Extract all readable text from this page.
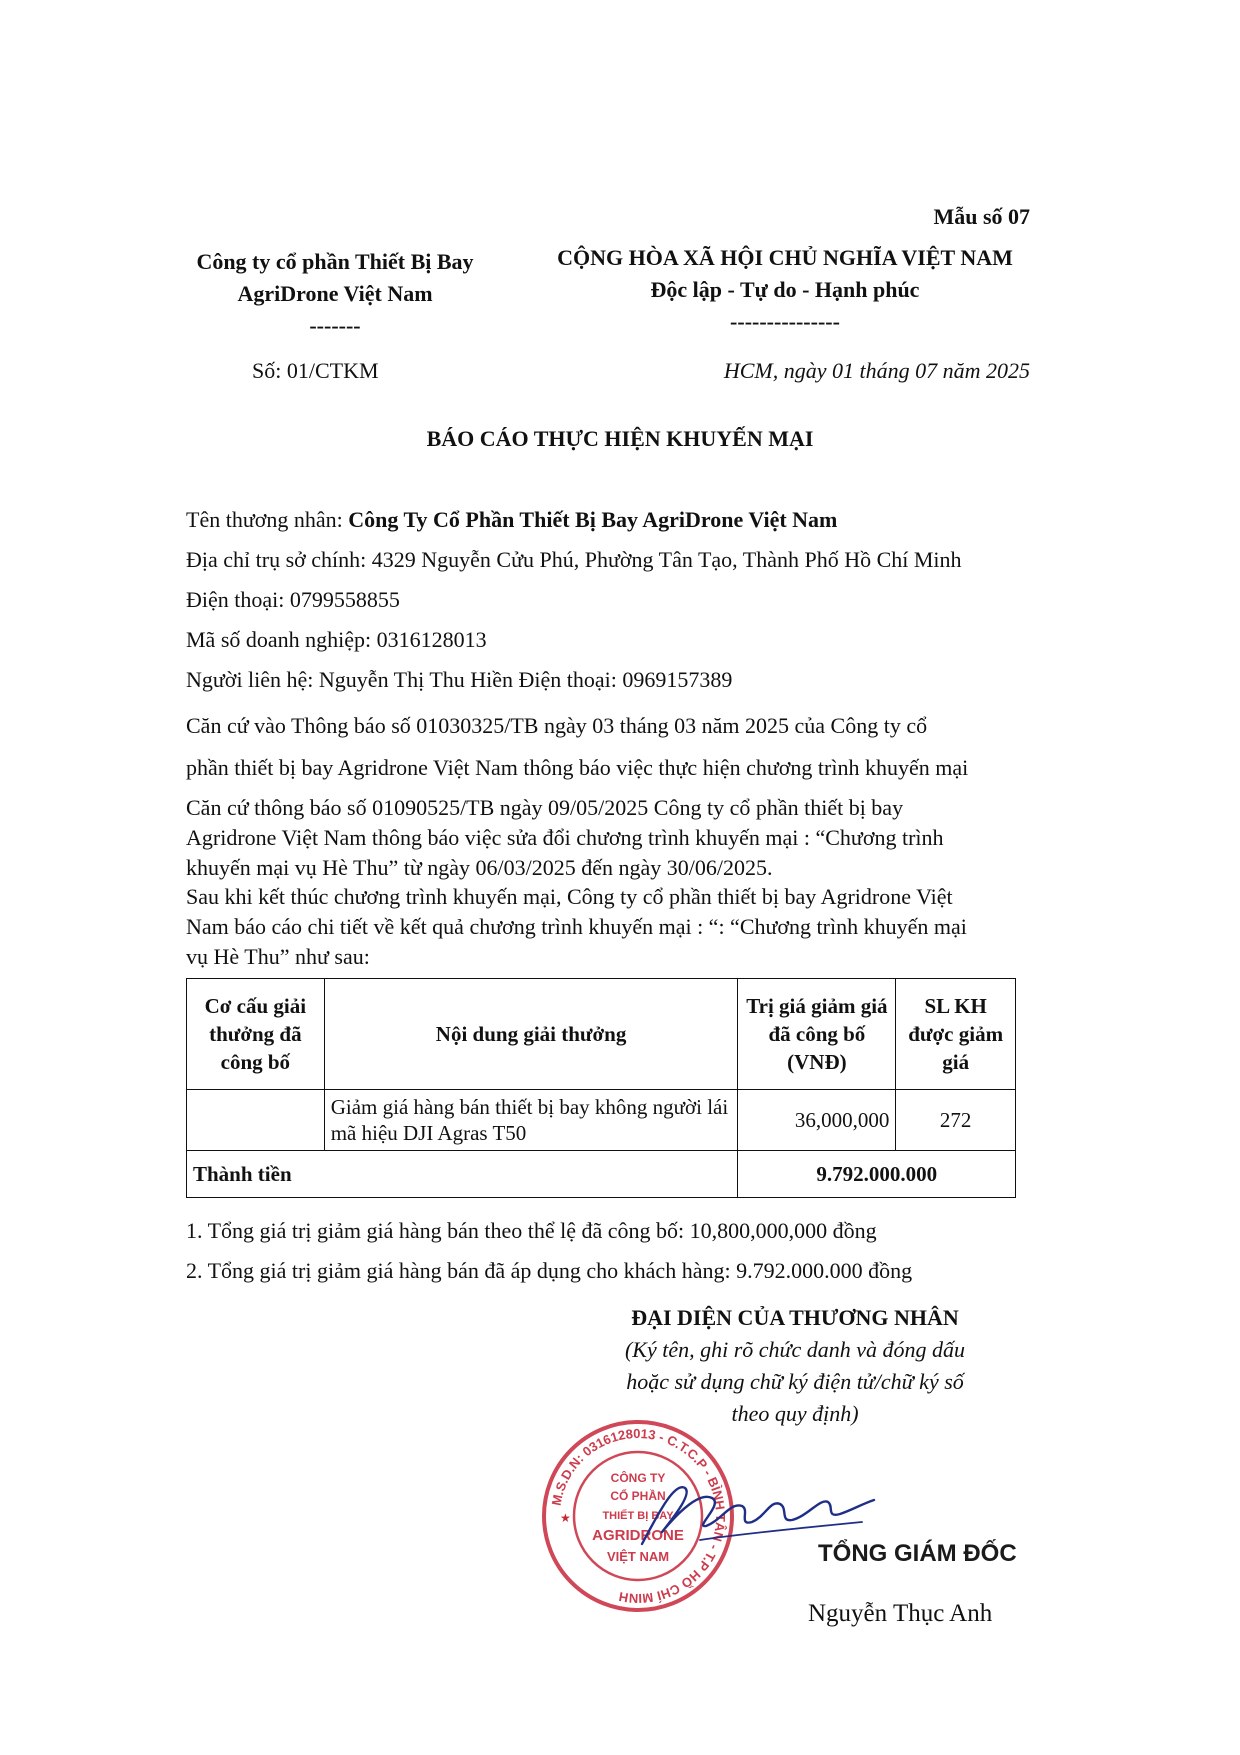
Mẫu số 07
Công ty cổ phần Thiết Bị Bay
AgriDrone Việt Nam
-------
CỘNG HÒA XÃ HỘI CHỦ NGHĨA VIỆT NAM
Độc lập - Tự do - Hạnh phúc
---------------
Số: 01/CTKM	HCM, ngày 01 tháng 07 năm 2025
BÁO CÁO THỰC HIỆN KHUYẾN MẠI
Tên thương nhân: Công Ty Cổ Phần Thiết Bị Bay AgriDrone Việt Nam
Địa chỉ trụ sở chính: 4329 Nguyễn Cửu Phú, Phường Tân Tạo, Thành Phố Hồ Chí Minh
Điện thoại: 0799558855
Mã số doanh nghiệp: 0316128013
Người liên hệ: Nguyễn Thị Thu Hiền Điện thoại: 0969157389
Căn cứ vào Thông báo số 01030325/TB ngày 03 tháng 03 năm 2025 của Công ty cổ
phần thiết bị bay Agridrone Việt Nam thông báo việc thực hiện chương trình khuyến mại
Căn cứ thông báo số 01090525/TB ngày 09/05/2025 Công ty cổ phần thiết bị bay
Agridrone Việt Nam thông báo việc sửa đổi chương trình khuyến mại : “Chương trình
khuyến mại vụ Hè Thu” từ ngày 06/03/2025 đến ngày 30/06/2025.
Sau khi kết thúc chương trình khuyến mại, Công ty cổ phần thiết bị bay Agridrone Việt
Nam báo cáo chi tiết về kết quả chương trình khuyến mại : “: “Chương trình khuyến mại
vụ Hè Thu” như sau:
Cơ cấu giải thưởng đã công bố	Nội dung giải thưởng	Trị giá giảm giá đã công bố (VNĐ)	SL KH được giảm giá
	Giảm giá hàng bán thiết bị bay không người lái mã hiệu DJI Agras T50	36,000,000	272
Thành tiền		9.792.000.000	
1. Tổng giá trị giảm giá hàng bán theo thể lệ đã công bố: 10,800,000,000 đồng
2. Tổng giá trị giảm giá hàng bán đã áp dụng cho khách hàng: 9.792.000.000 đồng
ĐẠI DIỆN CỦA THƯƠNG NHÂN
(Ký tên, ghi rõ chức danh và đóng dấu
hoặc sử dụng chữ ký điện tử/chữ ký số
theo quy định)
M.S.D.N: 0316128013 - C.T.C.P - BÌNH TÂN - T.P HỒ CHÍ MINH
CÔNG TY
CỔ PHẦN
THIẾT BỊ BAY
AGRIDRONE
VIỆT NAM
★
TỔNG GIÁM ĐỐC
Nguyễn Thục Anh
